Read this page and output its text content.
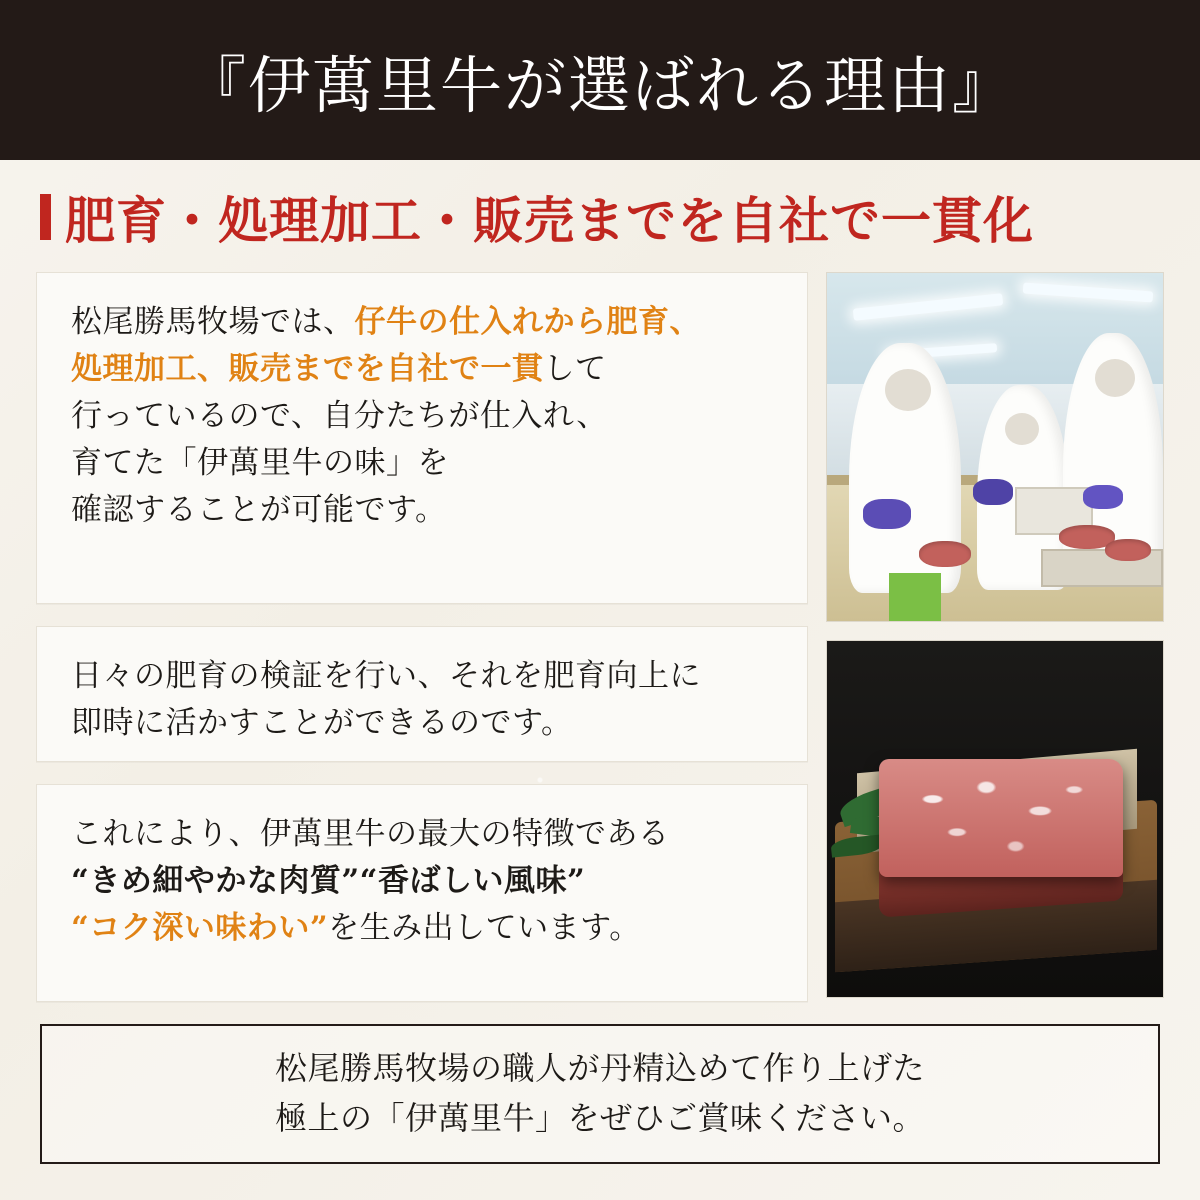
『伊萬里牛が選ばれる理由』
肥育・処理加工・販売までを自社で一貫化

松尾勝馬牧場では、仔牛の仕入れから肥育、

処理加工、販売までを自社で一貫して

行っているので、自分たちが仕入れ、

育てた「伊萬里牛の味」を

確認することが可能です。

日々の肥育の検証を行い、それを肥育向上に

即時に活かすことができるのです。

これにより、伊萬里牛の最大の特徴である

“きめ細やかな肉質”“香ばしい風味”

“コク深い味わい”を生み出しています。

松尾勝馬牧場の職人が丹精込めて作り上げた

極上の「伊萬里牛」をぜひご賞味ください。
